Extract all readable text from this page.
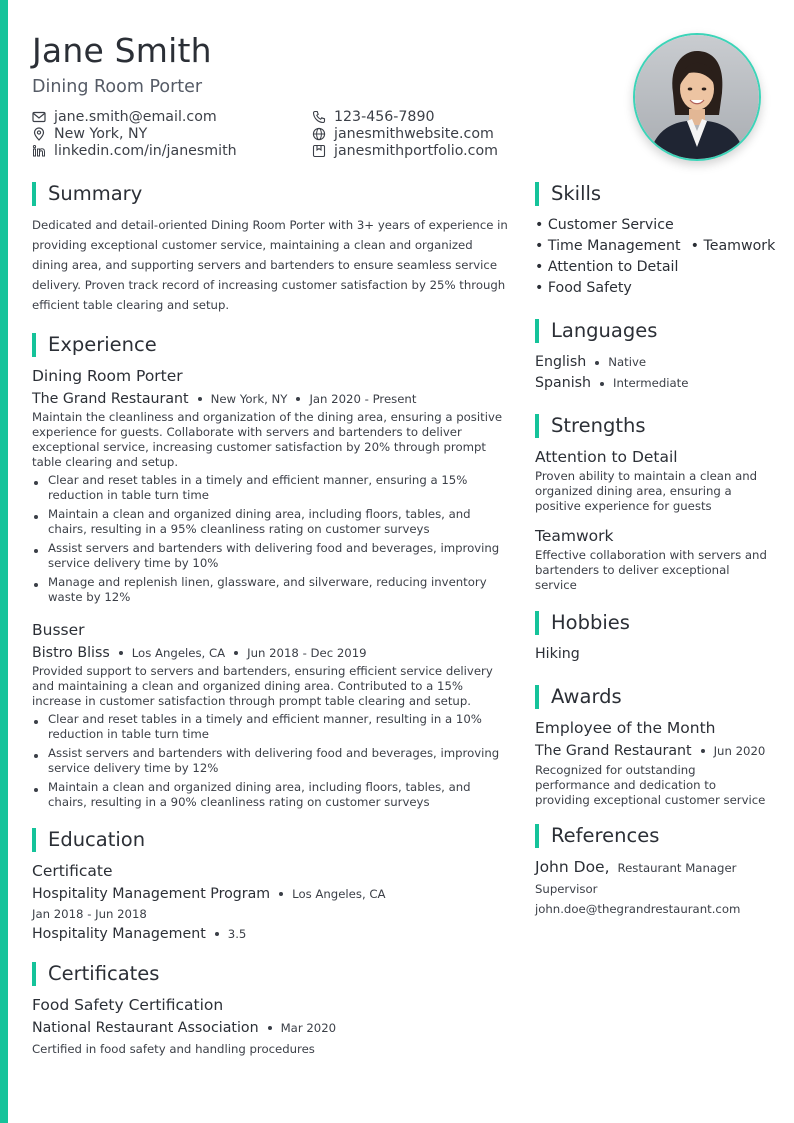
Jane Smith
Dining Room Porter
jane.smith@email.com	123-456-7890
New York, NY	janesmithwebsite.com
linkedin.com/in/janesmith	janesmithportfolio.com
Summary

Dedicated and detail-oriented Dining Room Porter with 3+ years of experience in providing exceptional customer service, maintaining a clean and organized dining area, and supporting servers and bartenders to ensure seamless service delivery. Proven track record of increasing customer satisfaction by 25% through efficient table clearing and setup.

Experience
Dining Room Porter
The Grand Restaurant New York, NY Jan 2020 - Present

Maintain the cleanliness and organization of the dining area, ensuring a positive experience for guests. Collaborate with servers and bartenders to deliver exceptional service, increasing customer satisfaction by 20% through prompt table clearing and setup.

Clear and reset tables in a timely and efficient manner, ensuring a 15% reduction in table turn time
Maintain a clean and organized dining area, including floors, tables, and chairs, resulting in a 95% cleanliness rating on customer surveys
Assist servers and bartenders with delivering food and beverages, improving service delivery time by 10%
Manage and replenish linen, glassware, and silverware, reducing inventory waste by 12%
Busser
Bistro Bliss Los Angeles, CA Jun 2018 - Dec 2019

Provided support to servers and bartenders, ensuring efficient service delivery and maintaining a clean and organized dining area. Contributed to a 15% increase in customer satisfaction through prompt table clearing and setup.

Clear and reset tables in a timely and efficient manner, resulting in a 10% reduction in table turn time
Assist servers and bartenders with delivering food and beverages, improving service delivery time by 12%
Maintain a clean and organized dining area, including floors, tables, and chairs, resulting in a 90% cleanliness rating on customer surveys
Education
Certificate
Hospitality Management Program Los Angeles, CA
Jan 2018 - Jun 2018
Hospitality Management 3.5
Certificates
Food Safety Certification
National Restaurant Association Mar 2020
Certified in food safety and handling procedures
Skills
• Customer Service
• Time Management • Teamwork
• Attention to Detail
• Food Safety
Languages
English Native
Spanish Intermediate
Strengths
Attention to Detail
Proven ability to maintain a clean and organized dining area, ensuring a positive experience for guests
Teamwork
Effective collaboration with servers and bartenders to deliver exceptional service
Hobbies
Hiking
Awards
Employee of the Month
The Grand Restaurant Jun 2020
Recognized for outstanding performance and dedication to providing exceptional customer service
References
John Doe, Restaurant Manager
Supervisor
john.doe@thegrandrestaurant.com
